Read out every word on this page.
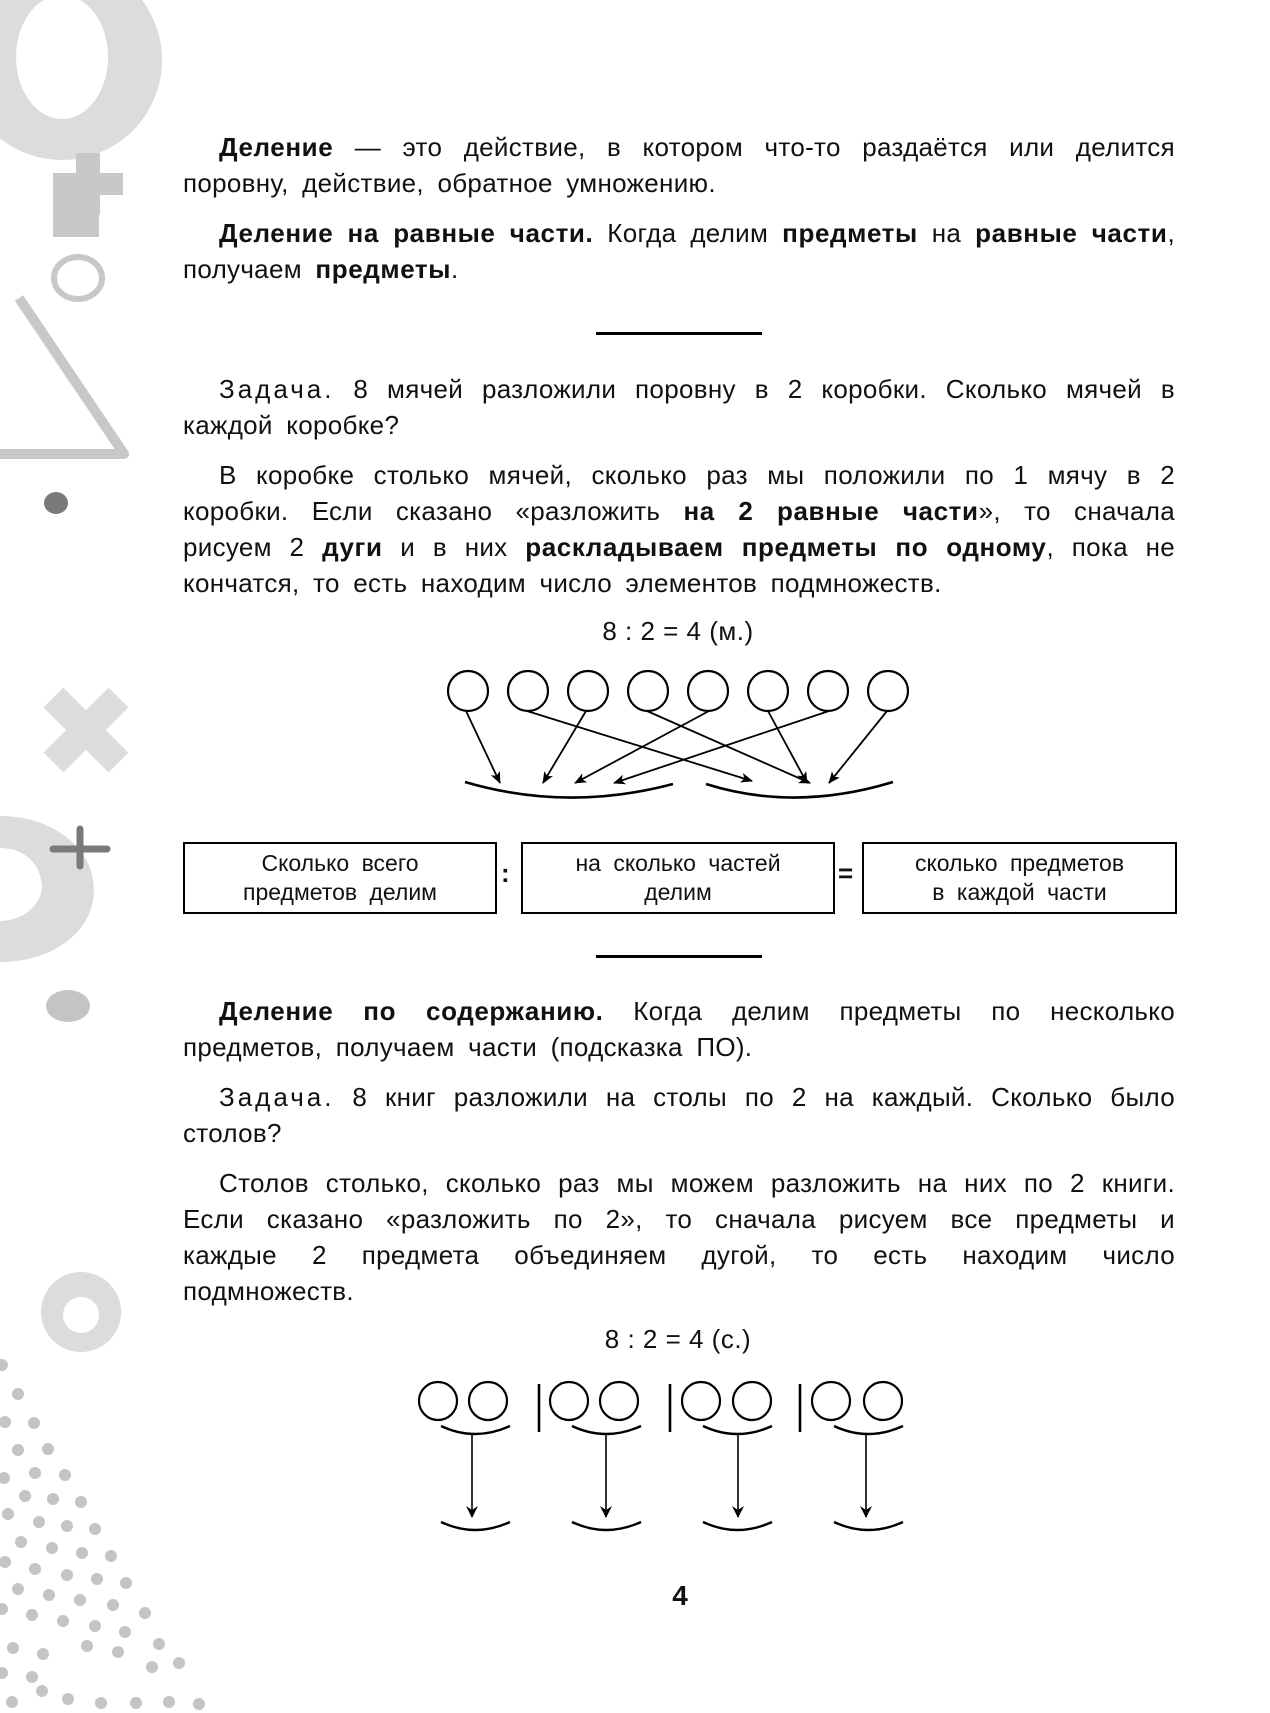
Деление — это действие, в котором что-то раздаётся или делится поровну, действие, обратное умножению.

Деление на равные части. Когда делим предметы на равные части, получаем предметы.

Задача. 8 мячей разложили поровну в 2 коробки. Сколько мячей в каждой коробке?

В коробке столько мячей, сколько раз мы положили по 1 мячу в 2 коробки. Если сказано «разложить на 2 равные части», то сначала рисуем 2 дуги и в них раскладываем предметы по одному, пока не кончатся, то есть находим число элементов подмножеств.

8 : 2 = 4 (м.)
Сколько всего
предметов делим
:	на сколько частей
делим
=	сколько предметов
в каждой части

Деление по содержанию. Когда делим предметы по несколько предметов, получаем части (подсказка ПО).

Задача. 8 книг разложили на столы по 2 на каждый. Сколько было столов?

Столов столько, сколько раз мы можем разложить на них по 2 книги. Если сказано «разложить по 2», то сначала рисуем все предметы и каждые 2 предмета объединяем дугой, то есть находим число подмножеств.

8 : 2 = 4 (с.)
4
